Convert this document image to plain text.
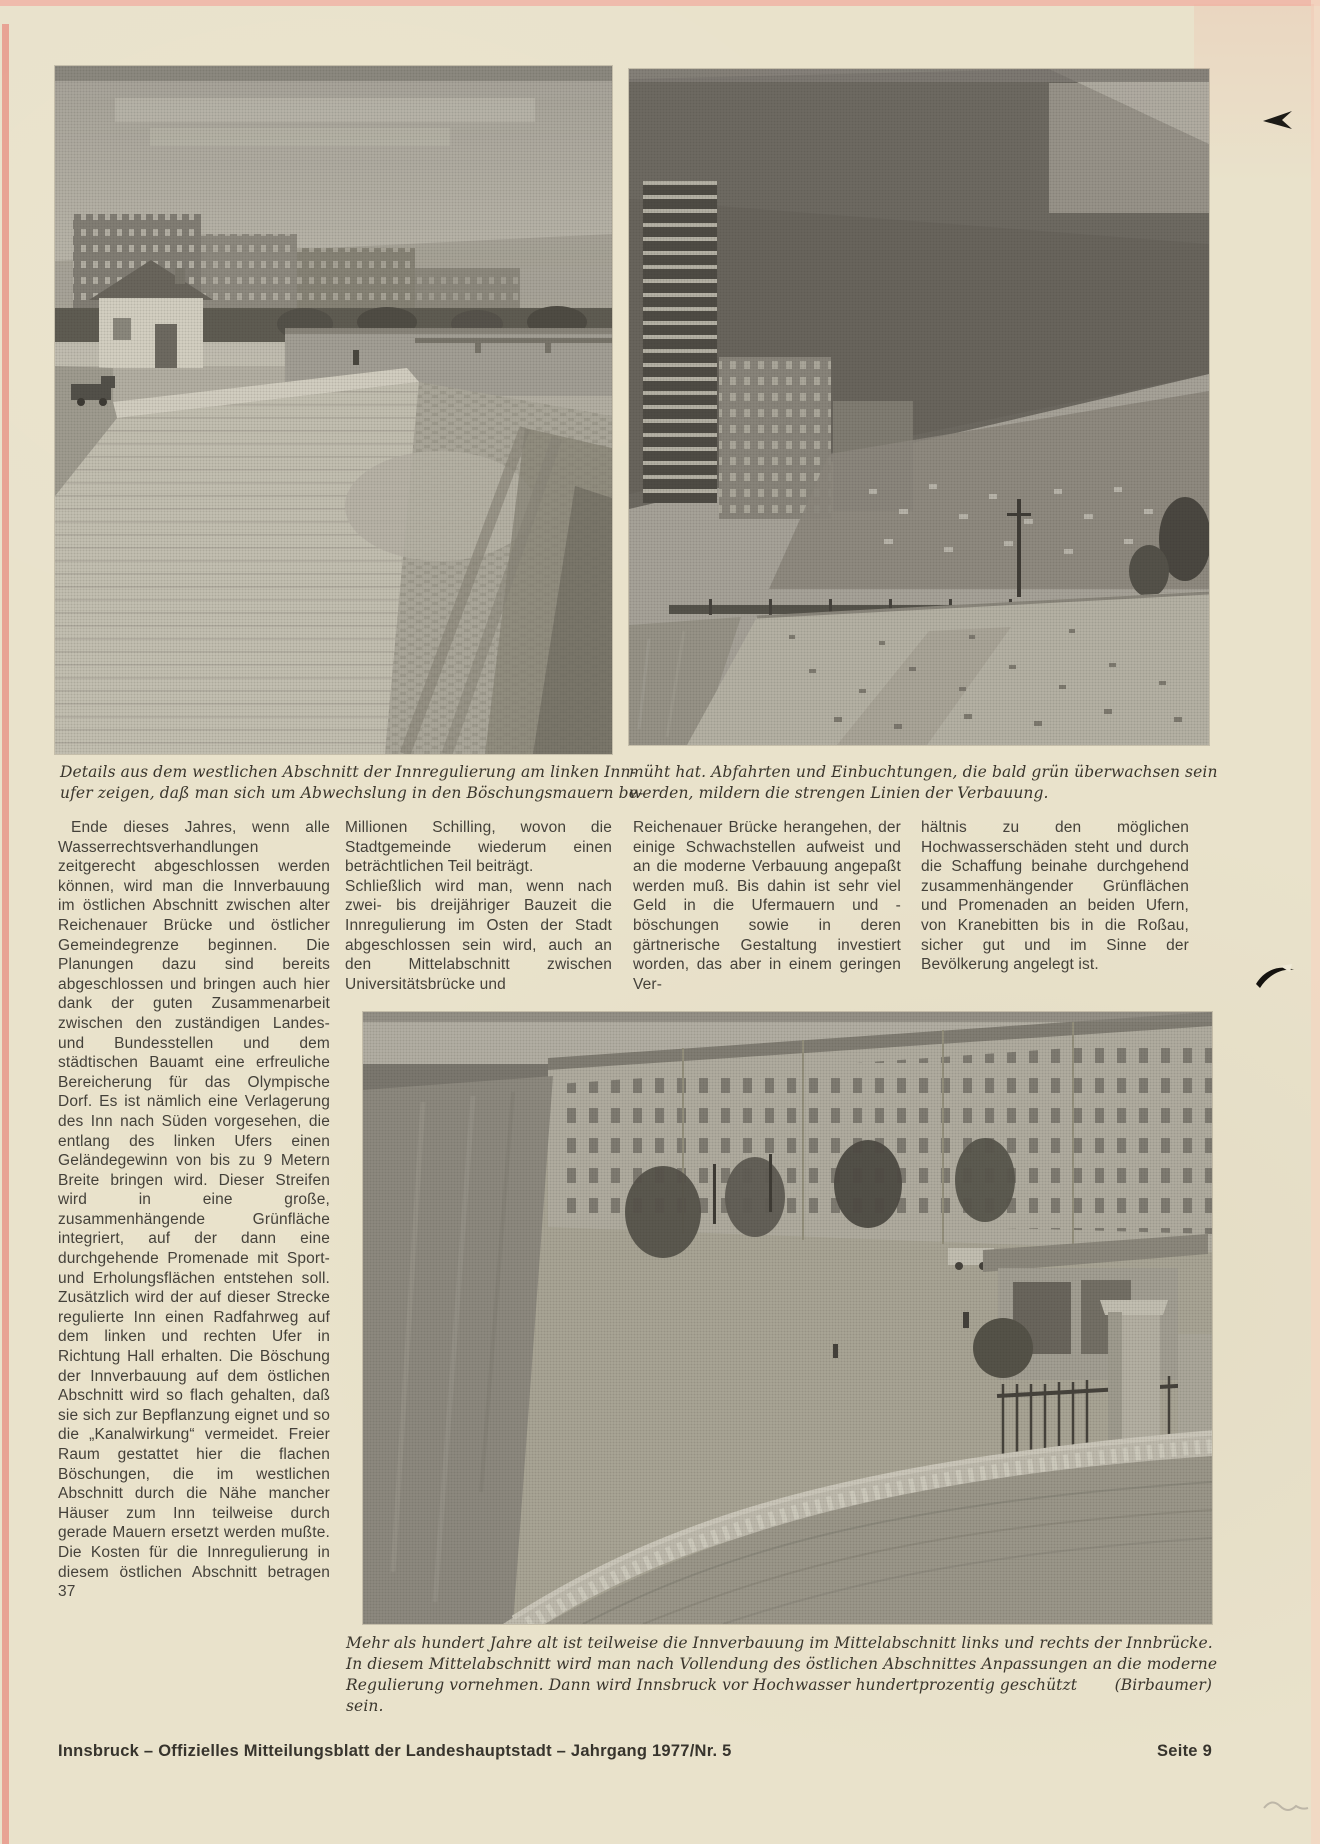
Details aus dem westlichen Abschnitt der Innregulierung am linken Inn-
ufer zeigen, daß man sich um Abwechslung in den Böschungsmauern be-
müht hat. Abfahrten und Einbuchtungen, die bald grün überwachsen sein
werden, mildern die strengen Linien der Verbauung.

Ende dieses Jahres, wenn alle Wasserrechtsverhandlungen zeitgerecht abgeschlossen werden können, wird man die Innverbauung im östlichen Abschnitt zwischen alter Reichenauer Brücke und östlicher Gemeindegrenze beginnen. Die Planungen dazu sind bereits abgeschlossen und bringen auch hier dank der guten Zusammenarbeit zwischen den zuständigen Landes- und Bundesstellen und dem städtischen Bauamt eine erfreuliche Bereicherung für das Olympische Dorf. Es ist nämlich eine Verlagerung des Inn nach Süden vorgesehen, die entlang des linken Ufers einen Geländegewinn von bis zu 9 Metern Breite bringen wird. Dieser Streifen wird in eine große, zusammenhängende Grünfläche integriert, auf der dann eine durchgehende Promenade mit Sport- und Erholungsflächen entstehen soll. Zusätzlich wird der auf dieser Strecke regulierte Inn einen Radfahrweg auf dem linken und rechten Ufer in Richtung Hall erhalten. Die Böschung der Innverbauung auf dem östlichen Abschnitt wird so flach gehalten, daß sie sich zur Bepflanzung eignet und so die „Kanalwirkung“ vermeidet. Freier Raum gestattet hier die flachen Böschungen, die im westlichen Abschnitt durch die Nähe mancher Häuser zum Inn teilweise durch gerade Mauern ersetzt werden mußte. Die Kosten für die Innregulierung in diesem östlichen Abschnitt betragen 37

Millionen Schilling, wovon die Stadtgemeinde wiederum einen beträchtlichen Teil beiträgt.

Schließlich wird man, wenn nach zwei- bis dreijähriger Bauzeit die Innregulierung im Osten der Stadt abgeschlossen sein wird, auch an den Mittelabschnitt zwischen Universitätsbrücke und

Reichenauer Brücke herangehen, der einige Schwachstellen aufweist und an die moderne Verbauung angepaßt werden muß. Bis dahin ist sehr viel Geld in die Ufermauern und -böschungen sowie in deren gärtnerische Gestaltung investiert worden, das aber in einem geringen Ver-

hältnis zu den möglichen Hochwasserschäden steht und durch die Schaffung beinahe durchgehend zusammenhängender Grünflächen und Promenaden an beiden Ufern, von Kranebitten bis in die Roßau, sicher gut und im Sinne der Bevölkerung angelegt ist.

Mehr als hundert Jahre alt ist teilweise die Innverbauung im Mittelabschnitt links und rechts der Innbrücke.
In diesem Mittelabschnitt wird man nach Vollendung des östlichen Abschnittes Anpassungen an die moderne
Regulierung vornehmen. Dann wird Innsbruck vor Hochwasser hundertprozentig geschützt sein.
(Birbaumer)
Innsbruck – Offizielles Mitteilungsblatt der Landeshauptstadt – Jahrgang 1977/Nr. 5	Seite 9
